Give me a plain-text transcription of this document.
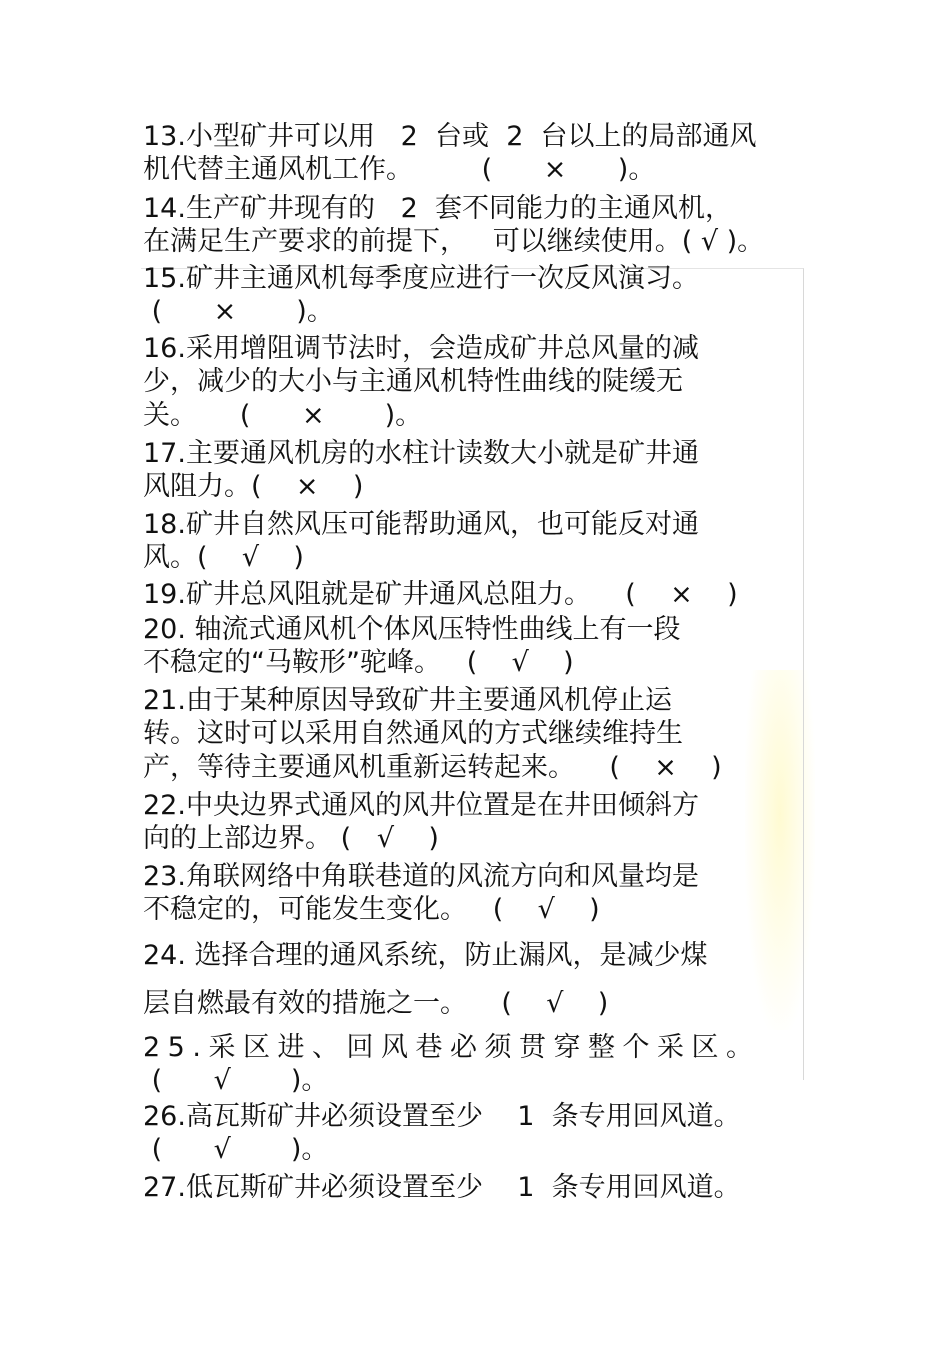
13.小型矿井可以用   2  台或  2  台以上的局部通风
机代替主通风机工作。        (      ×      )。
14.生产矿井现有的   2  套不同能力的主通风机，
在满足生产要求的前提下，   可以继续使用。( √ )。
15.矿井主通风机每季度应进行一次反风演习。
(      ×       )。
16.采用增阻调节法时，会造成矿井总风量的减
少，减少的大小与主通风机特性曲线的陡缓无
关。     (      ×       )。
17.主要通风机房的水柱计读数大小就是矿井通
风阻力。(    ×    )
18.矿井自然风压可能帮助通风，也可能反对通
风。(    √    )
19.矿井总风阻就是矿井通风总阻力。    (    ×    )
20. 轴流式通风机个体风压特性曲线上有一段
不稳定的“马鞍形”驼峰。   (    √    )
21.由于某种原因导致矿井主要通风机停止运
转。这时可以采用自然通风的方式继续维持生
产，等待主要通风机重新运转起来。    (    ×    )
22.中央边界式通风的风井位置是在井田倾斜方
向的上部边界。 (   √    )
23.角联网络中角联巷道的风流方向和风量均是
不稳定的，可能发生变化。   (    √    )
24. 选择合理的通风系统，防止漏风，是减少煤
层自燃最有效的措施之一。    (    √    )
25.采区进、回风巷必须贯穿整个采区。
(      √       )。
26.高瓦斯矿井必须设置至少    1  条专用回风道。
(      √       )。
27.低瓦斯矿井必须设置至少    1  条专用回风道。
